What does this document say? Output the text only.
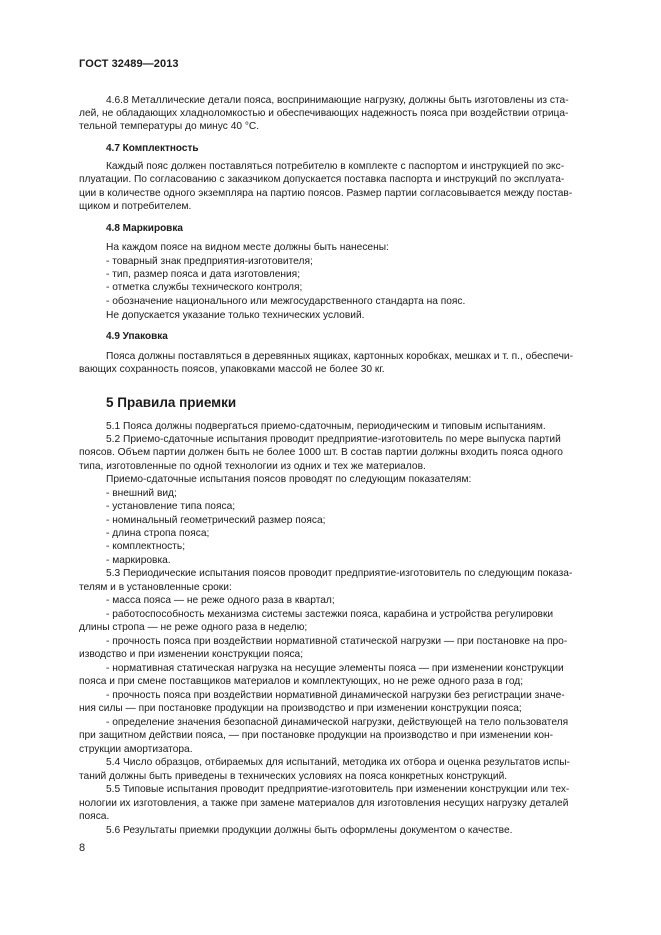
ГОСТ 32489—2013
4.6.8 Металлические детали пояса, воспринимающие нагрузку, должны быть изготовлены из ста-
лей, не обладающих хладноломкостью и обеспечивающих надежность пояса при воздействии отрица-
тельной температуры до минус 40 °С.
4.7 Комплектность
Каждый пояс должен поставляться потребителю в комплекте с паспортом и инструкцией по экс-
плуатации. По согласованию с заказчиком допускается поставка паспорта и инструкций по эксплуата-
ции в количестве одного экземпляра на партию поясов. Размер партии согласовывается между постав-
щиком и потребителем.
4.8 Маркировка
На каждом поясе на видном месте должны быть нанесены:
- товарный знак предприятия-изготовителя;
- тип, размер пояса и дата изготовления;
- отметка службы технического контроля;
- обозначение национального или межгосударственного стандарта на пояс.
Не допускается указание только технических условий.
4.9 Упаковка
Пояса должны поставляться в деревянных ящиках, картонных коробках, мешках и т. п., обеспечи-
вающих сохранность поясов, упаковками массой не более 30 кг.
5 Правила приемки
5.1 Пояса должны подвергаться приемо-сдаточным, периодическим и типовым испытаниям.
5.2 Приемо-сдаточные испытания проводит предприятие-изготовитель по мере выпуска партий
поясов. Объем партии должен быть не более 1000 шт. В состав партии должны входить пояса одного
типа, изготовленные по одной технологии из одних и тех же материалов.
Приемо-сдаточные испытания поясов проводят по следующим показателям:
- внешний вид;
- установление типа пояса;
- номинальный геометрический размер пояса;
- длина стропа пояса;
- комплектность;
- маркировка.
5.3 Периодические испытания поясов проводит предприятие-изготовитель по следующим показа-
телям и в установленные сроки:
- масса пояса — не реже одного раза в квартал;
- работоспособность механизма системы застежки пояса, карабина и устройства регулировки
длины стропа — не реже одного раза в неделю;
- прочность пояса при воздействии нормативной статической нагрузки — при постановке на про-
изводство и при изменении конструкции пояса;
- нормативная статическая нагрузка на несущие элементы пояса — при изменении конструкции
пояса и при смене поставщиков материалов и комплектующих, но не реже одного раза в год;
- прочность пояса при воздействии нормативной динамической нагрузки без регистрации значе-
ния силы — при постановке продукции на производство и при изменении конструкции пояса;
- определение значения безопасной динамической нагрузки, действующей на тело пользователя
при защитном действии пояса, — при постановке продукции на производство и при изменении кон-
струкции амортизатора.
5.4 Число образцов, отбираемых для испытаний, методика их отбора и оценка результатов испы-
таний должны быть приведены в технических условиях на пояса конкретных конструкций.
5.5 Типовые испытания проводит предприятие-изготовитель при изменении конструкции или тех-
нологии их изготовления, а также при замене материалов для изготовления несущих нагрузку деталей
пояса.
5.6 Результаты приемки продукции должны быть оформлены документом о качестве.
8
